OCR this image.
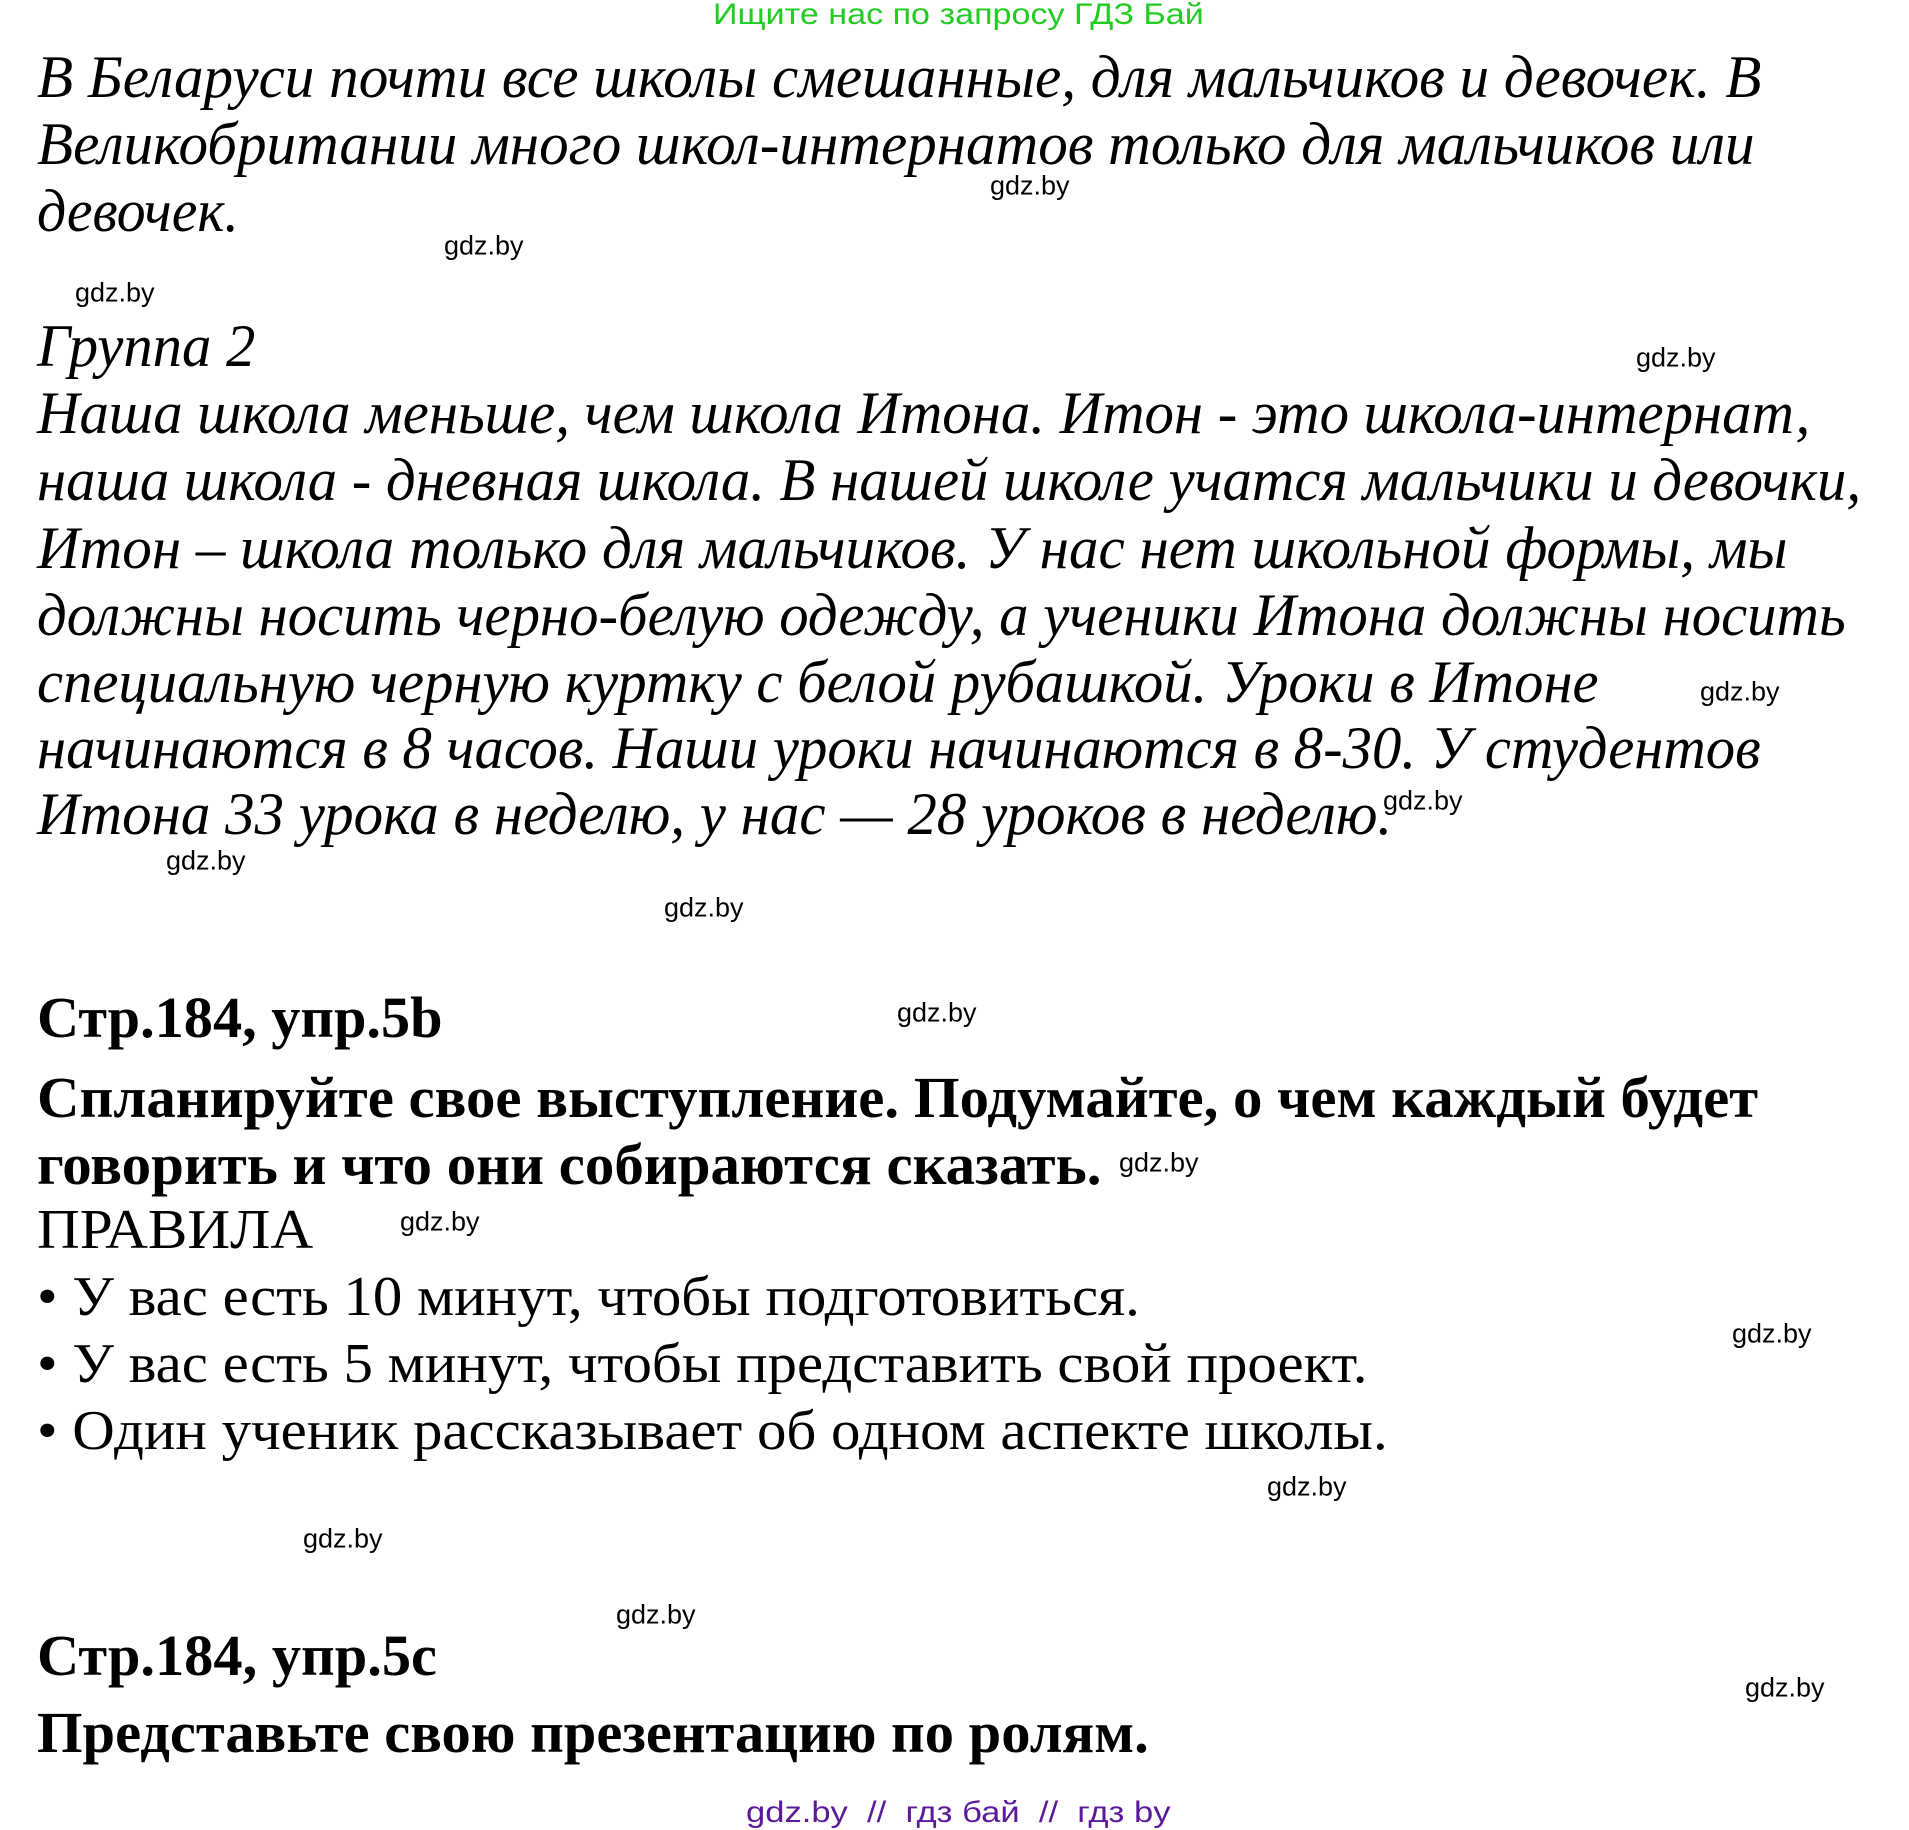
Ищите нас по запросу ГДЗ Бай
В Беларуси почти все школы смешанные, для мальчиков и девочек. В
Великобритании много школ-интернатов только для мальчиков или
девочек.
Группа 2
Наша школа меньше, чем школа Итона. Итон - это школа-интернат,
наша школа - дневная школа. В нашей школе учатся мальчики и девочки,
Итон – школа только для мальчиков. У нас нет школьной формы, мы
должны носить черно-белую одежду, а ученики Итона должны носить
специальную черную куртку с белой рубашкой. Уроки в Итоне
начинаются в 8 часов. Наши уроки начинаются в 8-30. У студентов
Итона 33 урока в неделю, у нас — 28 уроков в неделю.
Стр.184, упр.5b
Спланируйте свое выступление. Подумайте, о чем каждый будет
говорить и что они собираются сказать.
ПРАВИЛА
• У вас есть 10 минут, чтобы подготовиться.
• У вас есть 5 минут, чтобы представить свой проект.
• Один ученик рассказывает об одном аспекте школы.
Стр.184, упр.5c
Представьте свою презентацию по ролям.
gdz.by
gdz.by
gdz.by
gdz.by
gdz.by
gdz.by
gdz.by
gdz.by
gdz.by
gdz.by
gdz.by
gdz.by
gdz.by
gdz.by
gdz.by
gdz.by
gdz.by  //  гдз бай  //  гдз by
